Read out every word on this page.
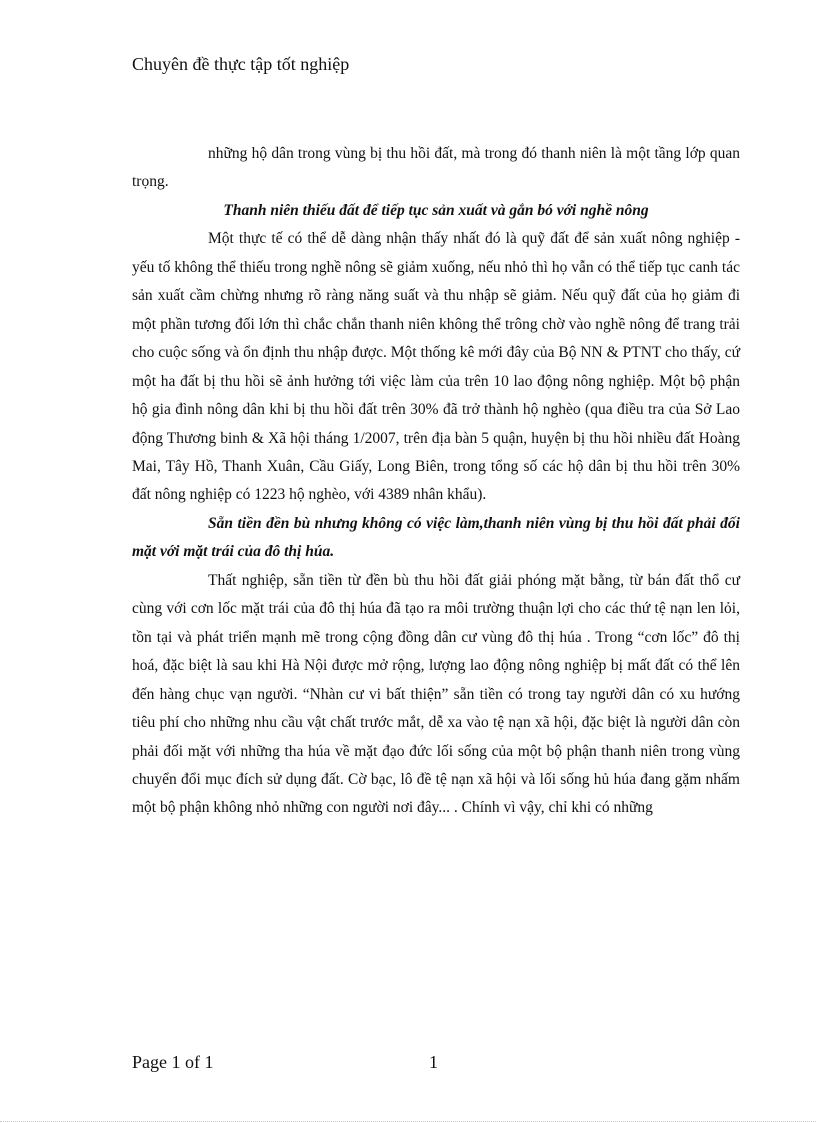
Chuyên đề thực tập tốt nghiệp

những hộ dân trong vùng bị thu hồi đất, mà trong đó thanh niên là một tầng lớp quan trọng.

Thanh niên thiếu đất để tiếp tục sản xuất và gắn bó với nghề nông

Một thực tế có thể dễ dàng nhận thấy nhất đó là quỹ đất để sản xuất nông nghiệp - yếu tố không thể thiếu trong nghề nông sẽ giảm xuống, nếu nhỏ thì họ vẫn có thể tiếp tục canh tác sản xuất cầm chừng nhưng rõ ràng năng suất và thu nhập sẽ giảm. Nếu quỹ đất của họ giảm đi một phần tương đối lớn thì chắc chắn thanh niên không thể trông chờ vào nghề nông để trang trải cho cuộc sống và ổn định thu nhập được. Một thống kê mới đây của Bộ NN & PTNT cho thấy, cứ một ha đất bị thu hồi sẽ ảnh hưởng tới việc làm của trên 10 lao động nông nghiệp. Một bộ phận hộ gia đình nông dân khi bị thu hồi đất trên 30% đã trở thành hộ nghèo (qua điều tra của Sở Lao động Thương binh & Xã hội tháng 1/2007, trên địa bàn 5 quận, huyện bị thu hồi nhiều đất Hoàng Mai, Tây Hồ, Thanh Xuân, Cầu Giấy, Long Biên, trong tổng số các hộ dân bị thu hồi trên 30% đất nông nghiệp có 1223 hộ nghèo, với 4389 nhân khẩu).

Sẵn tiền đền bù nhưng không có việc làm,thanh niên vùng bị thu hồi đất phải đối mặt với mặt trái của đô thị húa.

Thất nghiệp, sẵn tiền từ đền bù thu hồi đất giải phóng mặt bằng, từ bán đất thổ cư cùng với cơn lốc mặt trái của đô thị húa đã tạo ra môi trường thuận lợi cho các thứ tệ nạn len lỏi, tồn tại và phát triển mạnh mẽ trong cộng đồng dân cư vùng đô thị húa . Trong “cơn lốc” đô thị hoá, đặc biệt là sau khi Hà Nội được mở rộng, lượng lao động nông nghiệp bị mất đất có thể lên đến hàng chục vạn người. “Nhàn cư vi bất thiện” sẵn tiền có trong tay người dân có xu hướng tiêu phí cho những nhu cầu vật chất trước mắt, dễ xa vào tệ nạn xã hội, đặc biệt là người dân còn phải đối mặt với những tha húa về mặt đạo đức lối sống của một bộ phận thanh niên trong vùng chuyển đổi mục đích sử dụng đất. Cờ bạc, lô đề tệ nạn xã hội và lối sống hủ húa đang gặm nhấm một bộ phận không nhỏ những con người nơi đây... . Chính vì vậy, chỉ khi có những

Page 1 of 1	1
